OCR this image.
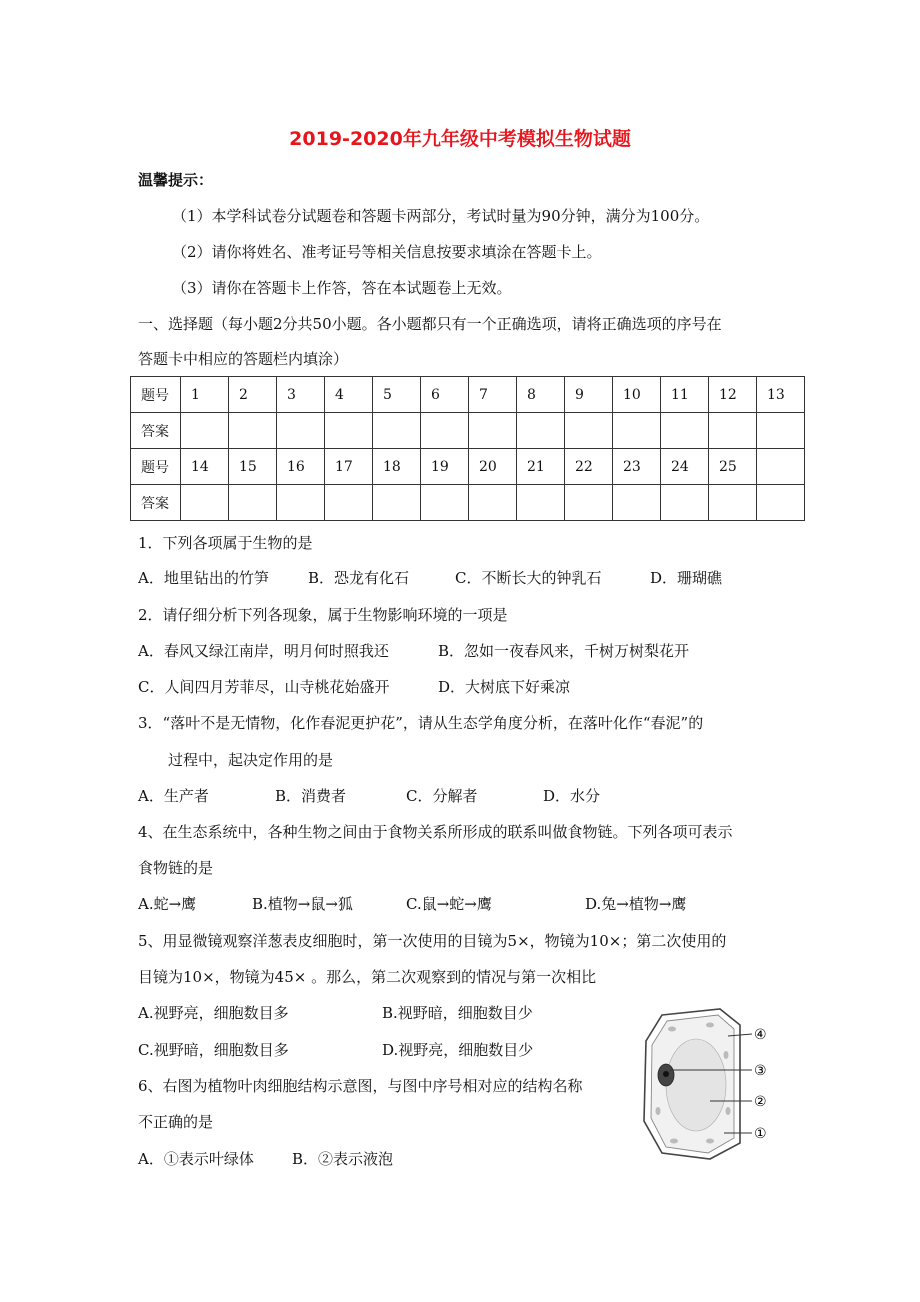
2019-2020年九年级中考模拟生物试题
温馨提示：
（1）本学科试卷分试题卷和答题卡两部分，考试时量为90分钟，满分为100分。
（2）请你将姓名、准考证号等相关信息按要求填涂在答题卡上。
（3）请你在答题卡上作答，答在本试题卷上无效。
一、选择题（每小题2分共50小题。各小题都只有一个正确选项，请将正确选项的序号在
答题卡中相应的答题栏内填涂）
题号	1	2	3	4	5	6	7	8	9	10	11	12	13
答案													
题号	14	15	16	17	18	19	20	21	22	23	24	25	
答案													
1．下列各项属于生物的是
A．地里钻出的竹笋	B．恐龙有化石	C．不断长大的钟乳石	D．珊瑚礁
2．请仔细分析下列各现象，属于生物影响环境的一项是
A．春风又绿江南岸，明月何时照我还	B．忽如一夜春风来，千树万树梨花开
C．人间四月芳菲尽，山寺桃花始盛开	D．大树底下好乘凉
3．“落叶不是无情物，化作春泥更护花”，请从生态学角度分析，在落叶化作“春泥”的
过程中，起决定作用的是
A．生产者	B．消费者	C．分解者	D．水分
4、在生态系统中，各种生物之间由于食物关系所形成的联系叫做食物链。下列各项可表示
食物链的是
A.蛇→鹰	B.植物→鼠→狐	C.鼠→蛇→鹰	D.兔→植物→鹰
5、用显微镜观察洋葱表皮细胞时，第一次使用的目镜为5×，物镜为10×；第二次使用的
目镜为10×，物镜为45× 。那么，第二次观察到的情况与第一次相比
A.视野亮，细胞数目多	B.视野暗，细胞数目少
C.视野暗，细胞数目多	D.视野亮，细胞数目少
6、右图为植物叶肉细胞结构示意图，与图中序号相对应的结构名称
不正确的是
A．①表示叶绿体	B．②表示液泡
④
③
②
①
